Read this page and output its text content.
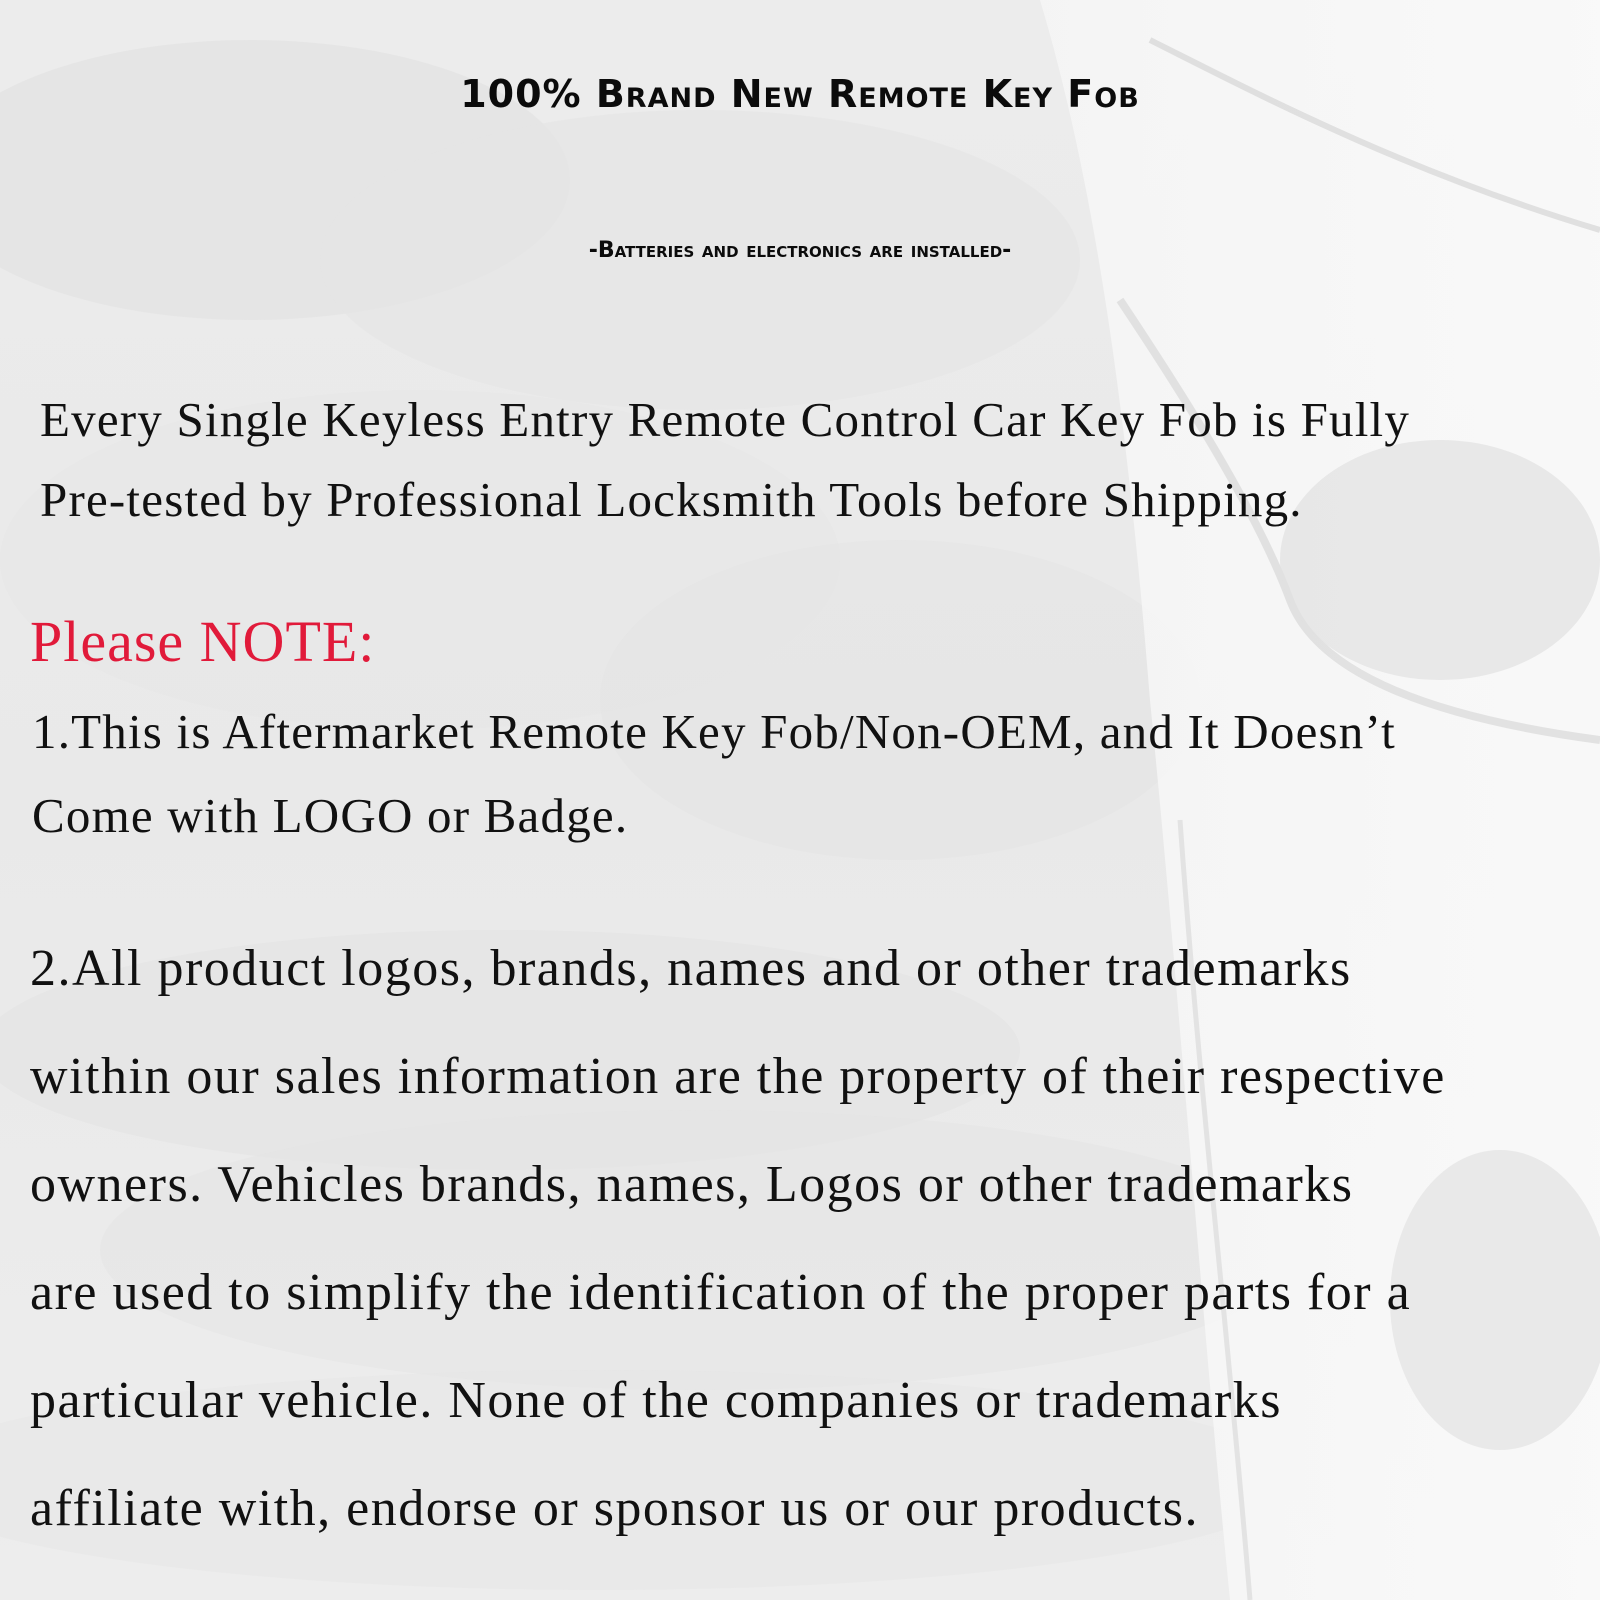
100% Brand New Remote Key Fob
-Batteries and electronics are installed-
Every Single Keyless Entry Remote Control Car Key Fob is Fully
Pre-tested by Professional Locksmith Tools before Shipping.
Please NOTE:
1.This is Aftermarket Remote Key Fob/Non-OEM, and It Doesn’t
Come with LOGO or Badge.
2.All product logos, brands, names and or other trademarks
within our sales information are the property of their respective
owners. Vehicles brands, names, Logos or other trademarks
are used to simplify the identification of the proper parts for a
particular vehicle. None of the companies or trademarks
affiliate with, endorse or sponsor us or our products.
